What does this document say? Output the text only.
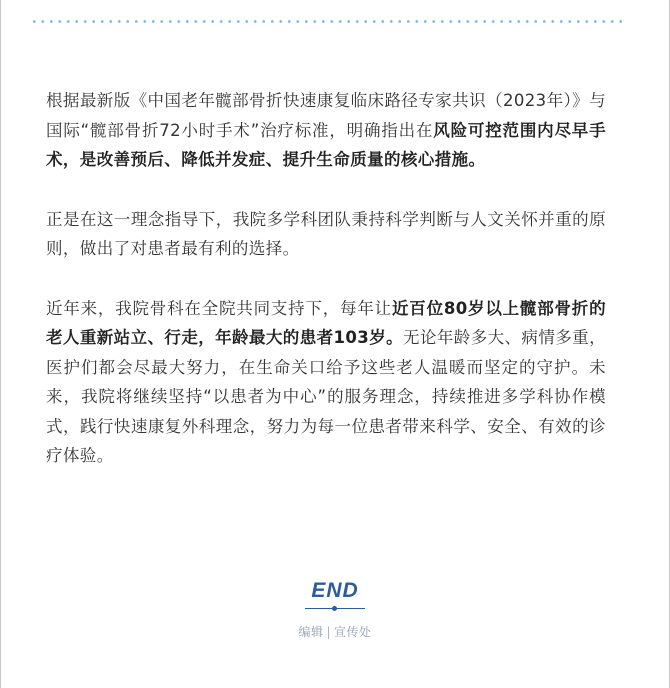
根据最新版《中国老年髋部骨折快速康复临床路径专家共识（2023年）》与国际“髋部骨折72小时手术”治疗标准，明确指出在风险可控范围内尽早手术，是改善预后、降低并发症、提升生命质量的核心措施。

正是在这一理念指导下，我院多学科团队秉持科学判断与人文关怀并重的原则，做出了对患者最有利的选择。

近年来，我院骨科在全院共同支持下，每年让近百位80岁以上髋部骨折的老人重新站立、行走，年龄最大的患者103岁。无论年龄多大、病情多重，医护们都会尽最大努力，在生命关口给予这些老人温暖而坚定的守护。未来，我院将继续坚持“以患者为中心”的服务理念，持续推进多学科协作模式，践行快速康复外科理念，努力为每一位患者带来科学、安全、有效的诊疗体验。

END
编辑 | 宣传处
